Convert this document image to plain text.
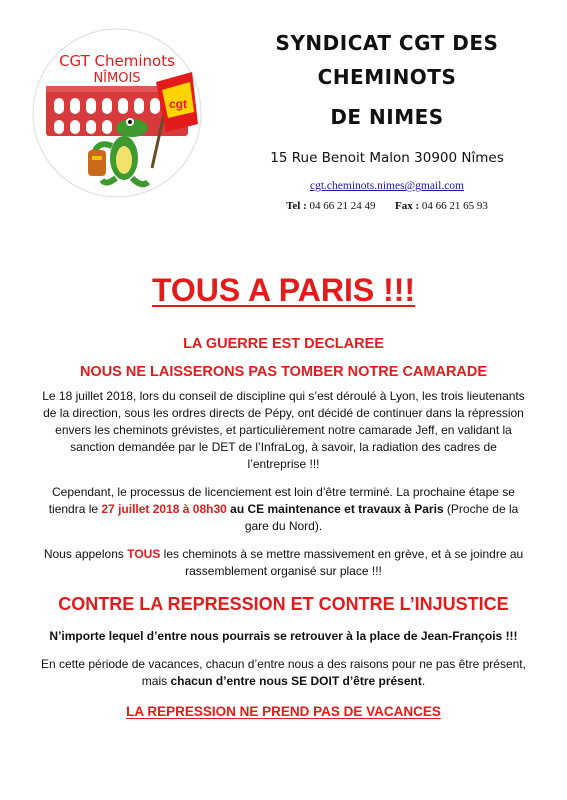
cgt
CGT Cheminots
NÎMOIS

SYNDICAT CGT DES

CHEMINOTS

DE NIMES

15 Rue Benoit Malon 30900 Nîmes
cgt.cheminots.nimes@gmail.com
Tel : 04 66 21 24 49 Fax : 04 66 21 65 93
TOUS A PARIS !!!

LA GUERRE EST DECLAREE

NOUS NE LAISSERONS PAS TOMBER NOTRE CAMARADE

Le 18 juillet 2018, lors du conseil de discipline qui s’est déroulé à Lyon, les trois lieutenants de la direction, sous les ordres directs de Pépy, ont décidé de continuer dans la répression envers les cheminots grévistes, et particulièrement notre camarade Jeff, en validant la sanction demandée par le DET de l’InfraLog, à savoir, la radiation des cadres de l’entreprise !!!

Cependant, le processus de licenciement est loin d’être terminé. La prochaine étape se tiendra le 27 juillet 2018 à 08h30 au CE maintenance et travaux à Paris (Proche de la gare du Nord).

Nous appelons TOUS les cheminots à se mettre massivement en grève, et à se joindre au rassemblement organisé sur place !!!

CONTRE LA REPRESSION ET CONTRE L’INJUSTICE
N’importe lequel d’entre nous pourrais se retrouver à la place de Jean-François !!!

En cette période de vacances, chacun d’entre nous a des raisons pour ne pas être présent, mais chacun d’entre nous SE DOIT d’être présent.

LA REPRESSION NE PREND PAS DE VACANCES
